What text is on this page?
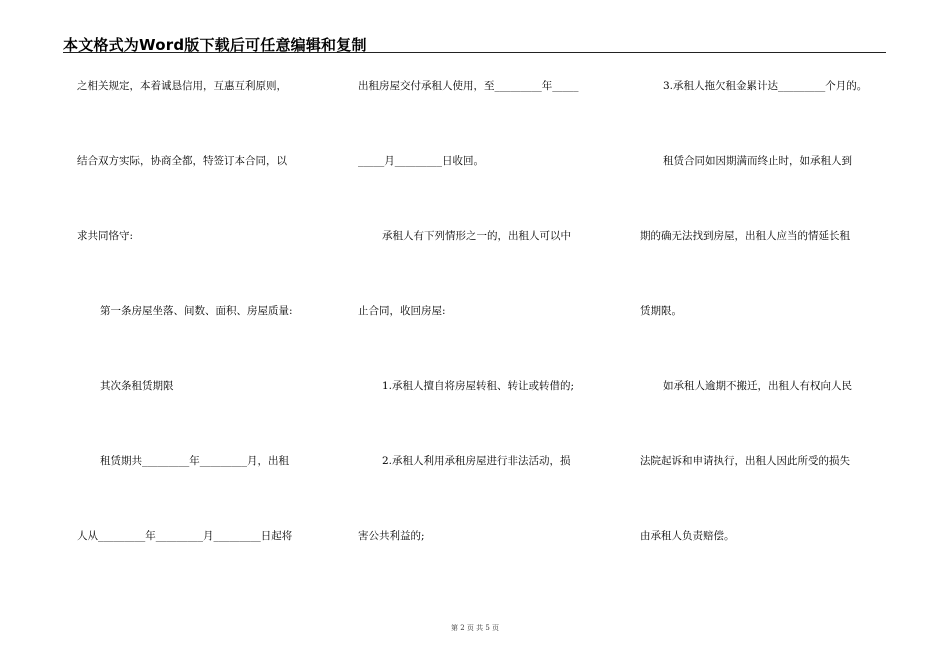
本文格式为Word版下载后可任意编辑和复制
之相关规定，本着诚恳信用，互惠互利原则，
结合双方实际，协商全都，特签订本合同，以
求共同恪守:
第一条房屋坐落、间数、面积、房屋质量:
其次条租赁期限
租赁期共_________年_________月，出租
人从_________年_________月_________日起将
出租房屋交付承租人使用，至_________年_____
_____月_________日收回。
承租人有下列情形之一的，出租人可以中
止合同，收回房屋:
1.承租人擅自将房屋转租、转让或转借的;
2.承租人利用承租房屋进行非法活动，损
害公共利益的;
3.承租人拖欠租金累计达_________个月的。
租赁合同如因期满而终止时，如承租人到
期的确无法找到房屋，出租人应当的情延长租
赁期限。
如承租人逾期不搬迁，出租人有权向人民
法院起诉和申请执行，出租人因此所受的损失
由承租人负责赔偿。
第 2 页 共 5 页
